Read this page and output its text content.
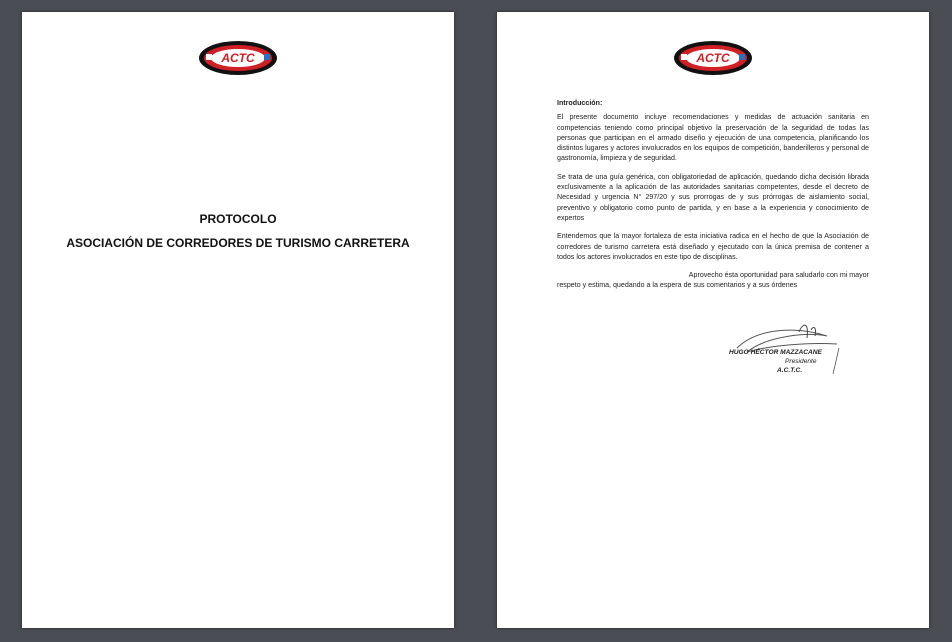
ACTC
PROTOCOLO
ASOCIACIÓN DE CORREDORES DE TURISMO CARRETERA
ACTC
Introducción:

El presente documento incluye recomendaciones y medidas de actuación sanitaria en competencias teniendo como principal objetivo la preservación de la seguridad de todas las personas que participan en el armado diseño y ejecución de una competencia, planificando los distintos lugares y actores involucrados en los equipos de competición, banderilleros y personal de gastronomía, limpieza y de seguridad.

Se trata de una guía genérica, con obligatoriedad de aplicación, quedando dicha decisión librada exclusivamente a la aplicación de las autoridades sanitarias competentes, desde el decreto de Necesidad y urgencia N° 297/20 y sus prorrogas de y sus prórrogas de aislamiento social, preventivo y obligatorio como punto de partida, y en base a la experiencia y conocimiento de expertos

Entendemos que la mayor fortaleza de esta iniciativa radica en el hecho de que la Asociación de corredores de turismo carretera está diseñado y ejecutado con la única premisa de contener a todos los actores involucrados en este tipo de disciplinas.

Aprovecho ésta oportunidad para saludarlo con mi mayor

respeto y estima, quedando a la espera de sus comentarios y a sus órdenes

HUGO HÉCTOR MAZZACANE
Presidente
A.C.T.C.
